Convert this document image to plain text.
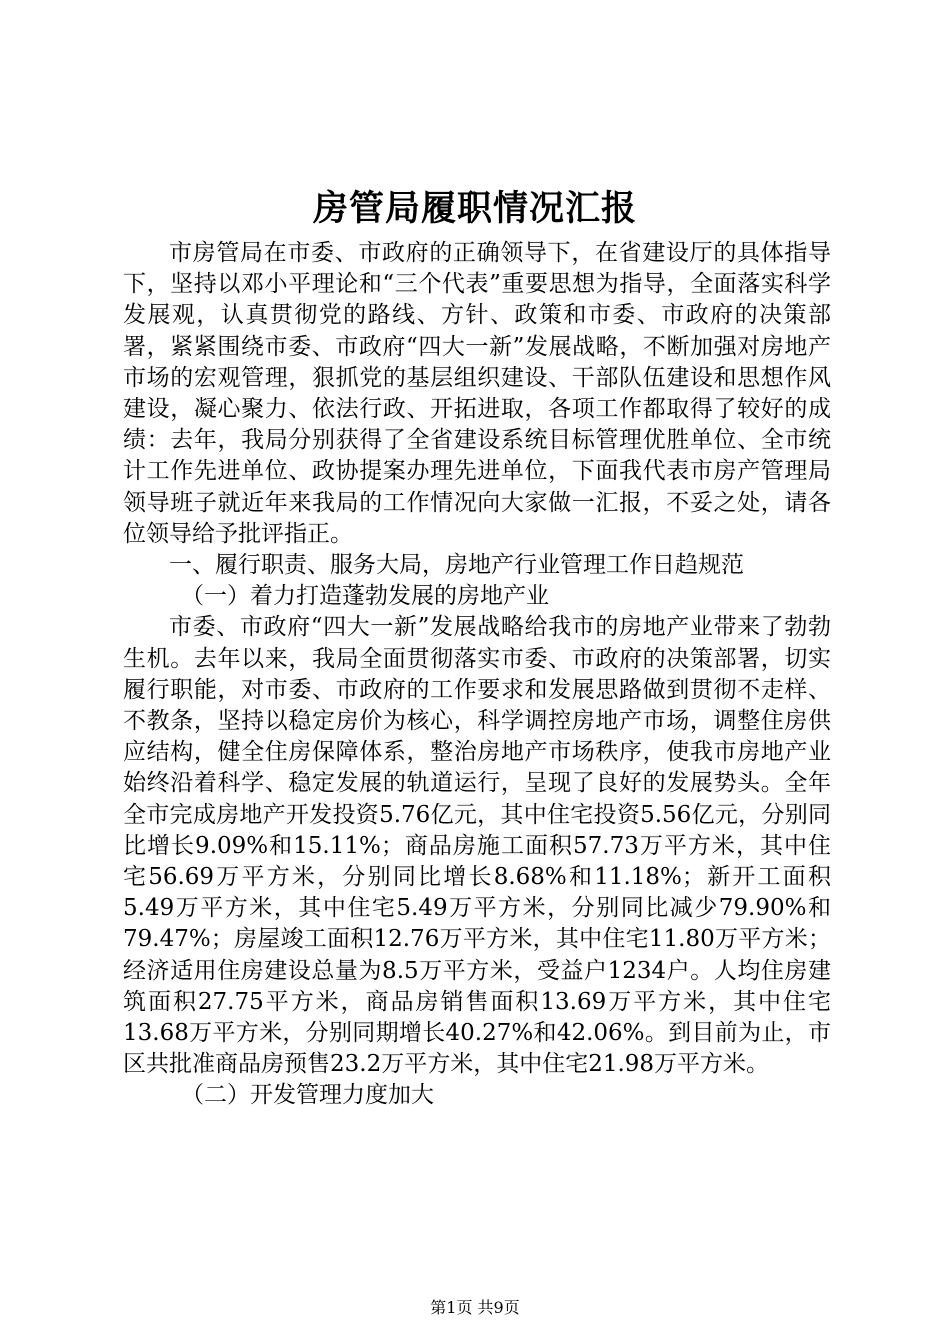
房管局履职情况汇报

市房管局在市委、市政府的正确领导下，在省建设厅的具体指导下，坚持以邓小平理论和“三个代表”重要思想为指导，全面落实科学发展观，认真贯彻党的路线、方针、政策和市委、市政府的决策部署，紧紧围绕市委、市政府“四大一新”发展战略，不断加强对房地产市场的宏观管理，狠抓党的基层组织建设、干部队伍建设和思想作风建设，凝心聚力、依法行政、开拓进取，各项工作都取得了较好的成绩：去年，我局分别获得了全省建设系统目标管理优胜单位、全市统计工作先进单位、政协提案办理先进单位，下面我代表市房产管理局领导班子就近年来我局的工作情况向大家做一汇报，不妥之处，请各位领导给予批评指正。

一、履行职责、服务大局，房地产行业管理工作日趋规范

（一）着力打造蓬勃发展的房地产业

市委、市政府“四大一新”发展战略给我市的房地产业带来了勃勃生机。去年以来，我局全面贯彻落实市委、市政府的决策部署，切实履行职能，对市委、市政府的工作要求和发展思路做到贯彻不走样、不教条，坚持以稳定房价为核心，科学调控房地产市场，调整住房供应结构，健全住房保障体系，整治房地产市场秩序，使我市房地产业始终沿着科学、稳定发展的轨道运行，呈现了良好的发展势头。全年全市完成房地产开发投资5.76亿元，其中住宅投资5.56亿元，分别同比增长9.09%和15.11%；商品房施工面积57.73万平方米，其中住宅56.69万平方米，分别同比增长8.68%和11.18%；新开工面积5.49万平方米，其中住宅5.49万平方米，分别同比减少79.90%和79.47%；房屋竣工面积12.76万平方米，其中住宅11.80万平方米；经济适用住房建设总量为8.5万平方米，受益户1234户。人均住房建筑面积27.75平方米，商品房销售面积13.69万平方米，其中住宅13.68万平方米，分别同期增长40.27%和42.06%。到目前为止，市区共批准商品房预售23.2万平方米，其中住宅21.98万平方米。

（二）开发管理力度加大

第1页 共9页
